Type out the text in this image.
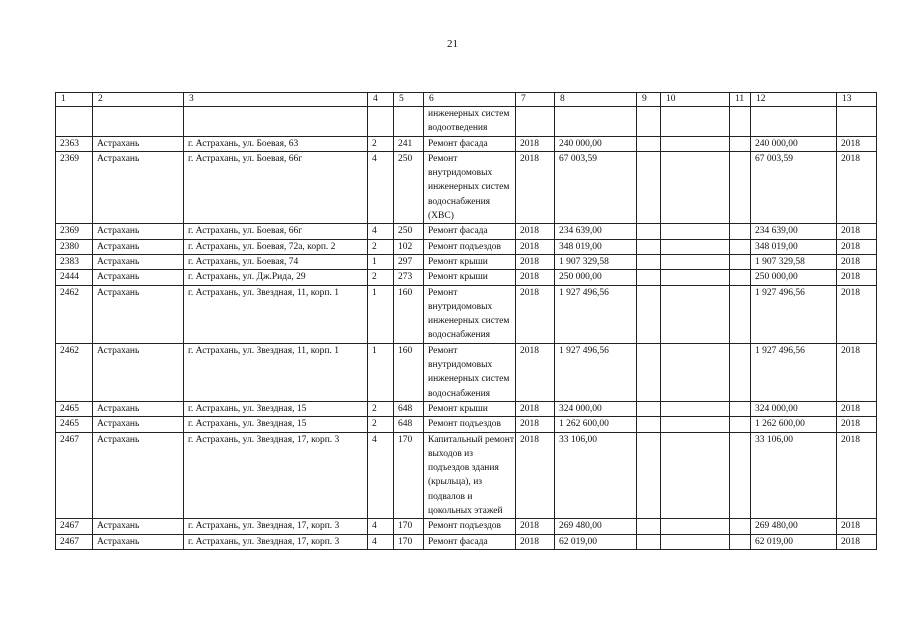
21
1	2	3	4	5	6	7	8	9	10	11	12	13
					инженерных систем водоотведения							
2363	Астрахань	г. Астрахань, ул. Боевая, 63	2	241	Ремонт фасада	2018	240 000,00				240 000,00	2018
2369	Астрахань	г. Астрахань, ул. Боевая, 66г	4	250	Ремонт внутридомовых инженерных систем водоснабжения (ХВС)	2018	67 003,59				67 003,59	2018
2369	Астрахань	г. Астрахань, ул. Боевая, 66г	4	250	Ремонт фасада	2018	234 639,00				234 639,00	2018
2380	Астрахань	г. Астрахань, ул. Боевая, 72а, корп. 2	2	102	Ремонт подъездов	2018	348 019,00				348 019,00	2018
2383	Астрахань	г. Астрахань, ул. Боевая, 74	1	297	Ремонт крыши	2018	1 907 329,58				1 907 329,58	2018
2444	Астрахань	г. Астрахань, ул. Дж.Рида, 29	2	273	Ремонт крыши	2018	250 000,00				250 000,00	2018
2462	Астрахань	г. Астрахань, ул. Звездная, 11, корп. 1	1	160	Ремонт внутридомовых инженерных систем водоснабжения	2018	1 927 496,56				1 927 496,56	2018
2462	Астрахань	г. Астрахань, ул. Звездная, 11, корп. 1	1	160	Ремонт внутридомовых инженерных систем водоснабжения	2018	1 927 496,56				1 927 496,56	2018
2465	Астрахань	г. Астрахань, ул. Звездная, 15	2	648	Ремонт крыши	2018	324 000,00				324 000,00	2018
2465	Астрахань	г. Астрахань, ул. Звездная, 15	2	648	Ремонт подъездов	2018	1 262 600,00				1 262 600,00	2018
2467	Астрахань	г. Астрахань, ул. Звездная, 17, корп. 3	4	170	Капитальный ремонт выходов из подъездов здания (крыльца), из подвалов и цокольных этажей	2018	33 106,00				33 106,00	2018
2467	Астрахань	г. Астрахань, ул. Звездная, 17, корп. 3	4	170	Ремонт подъездов	2018	269 480,00				269 480,00	2018
2467	Астрахань	г. Астрахань, ул. Звездная, 17, корп. 3	4	170	Ремонт фасада	2018	62 019,00				62 019,00	2018
